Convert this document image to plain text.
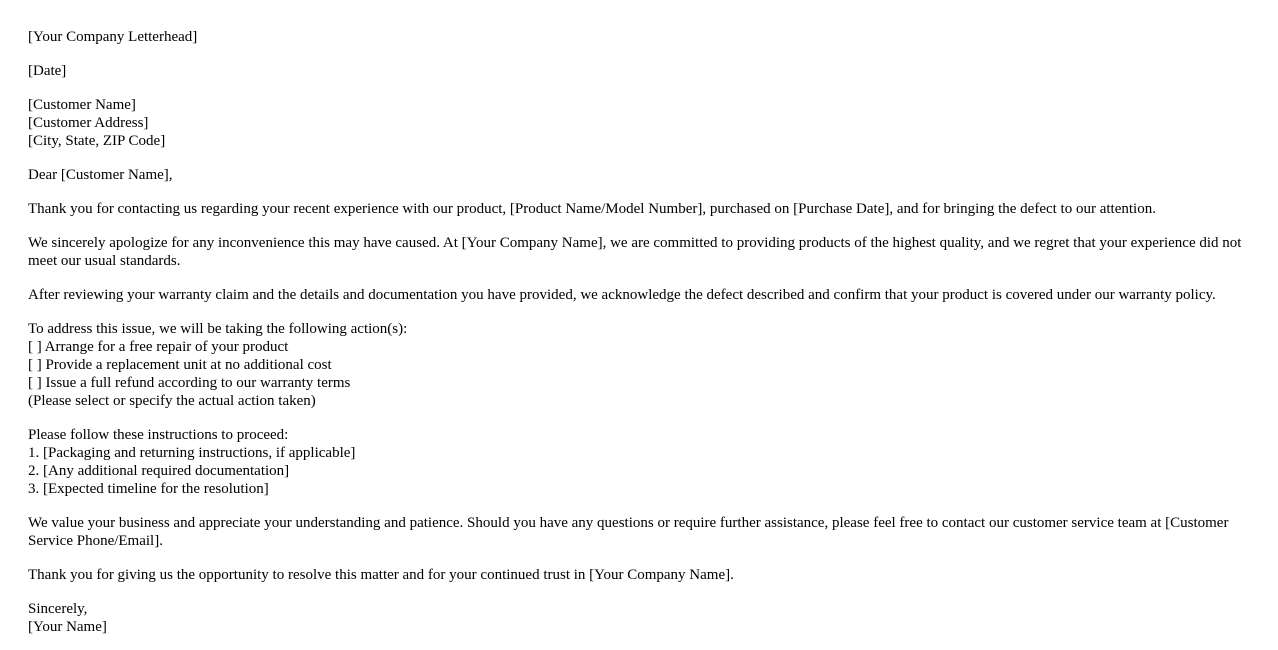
[Your Company Letterhead]

[Date]

[Customer Name]
[Customer Address]
[City, State, ZIP Code]

Dear [Customer Name],

Thank you for contacting us regarding your recent experience with our product, [Product Name/Model Number], purchased on [Purchase Date], and for bringing the defect to our attention.

We sincerely apologize for any inconvenience this may have caused. At [Your Company Name], we are committed to providing products of the highest quality, and we regret that your experience did not meet our usual standards.

After reviewing your warranty claim and the details and documentation you have provided, we acknowledge the defect described and confirm that your product is covered under our warranty policy.

To address this issue, we will be taking the following action(s):
[ ] Arrange for a free repair of your product
[ ] Provide a replacement unit at no additional cost
[ ] Issue a full refund according to our warranty terms
(Please select or specify the actual action taken)

Please follow these instructions to proceed:
1. [Packaging and returning instructions, if applicable]
2. [Any additional required documentation]
3. [Expected timeline for the resolution]

We value your business and appreciate your understanding and patience. Should you have any questions or require further assistance, please feel free to contact our customer service team at [Customer Service Phone/Email].

Thank you for giving us the opportunity to resolve this matter and for your continued trust in [Your Company Name].

Sincerely,
[Your Name]
